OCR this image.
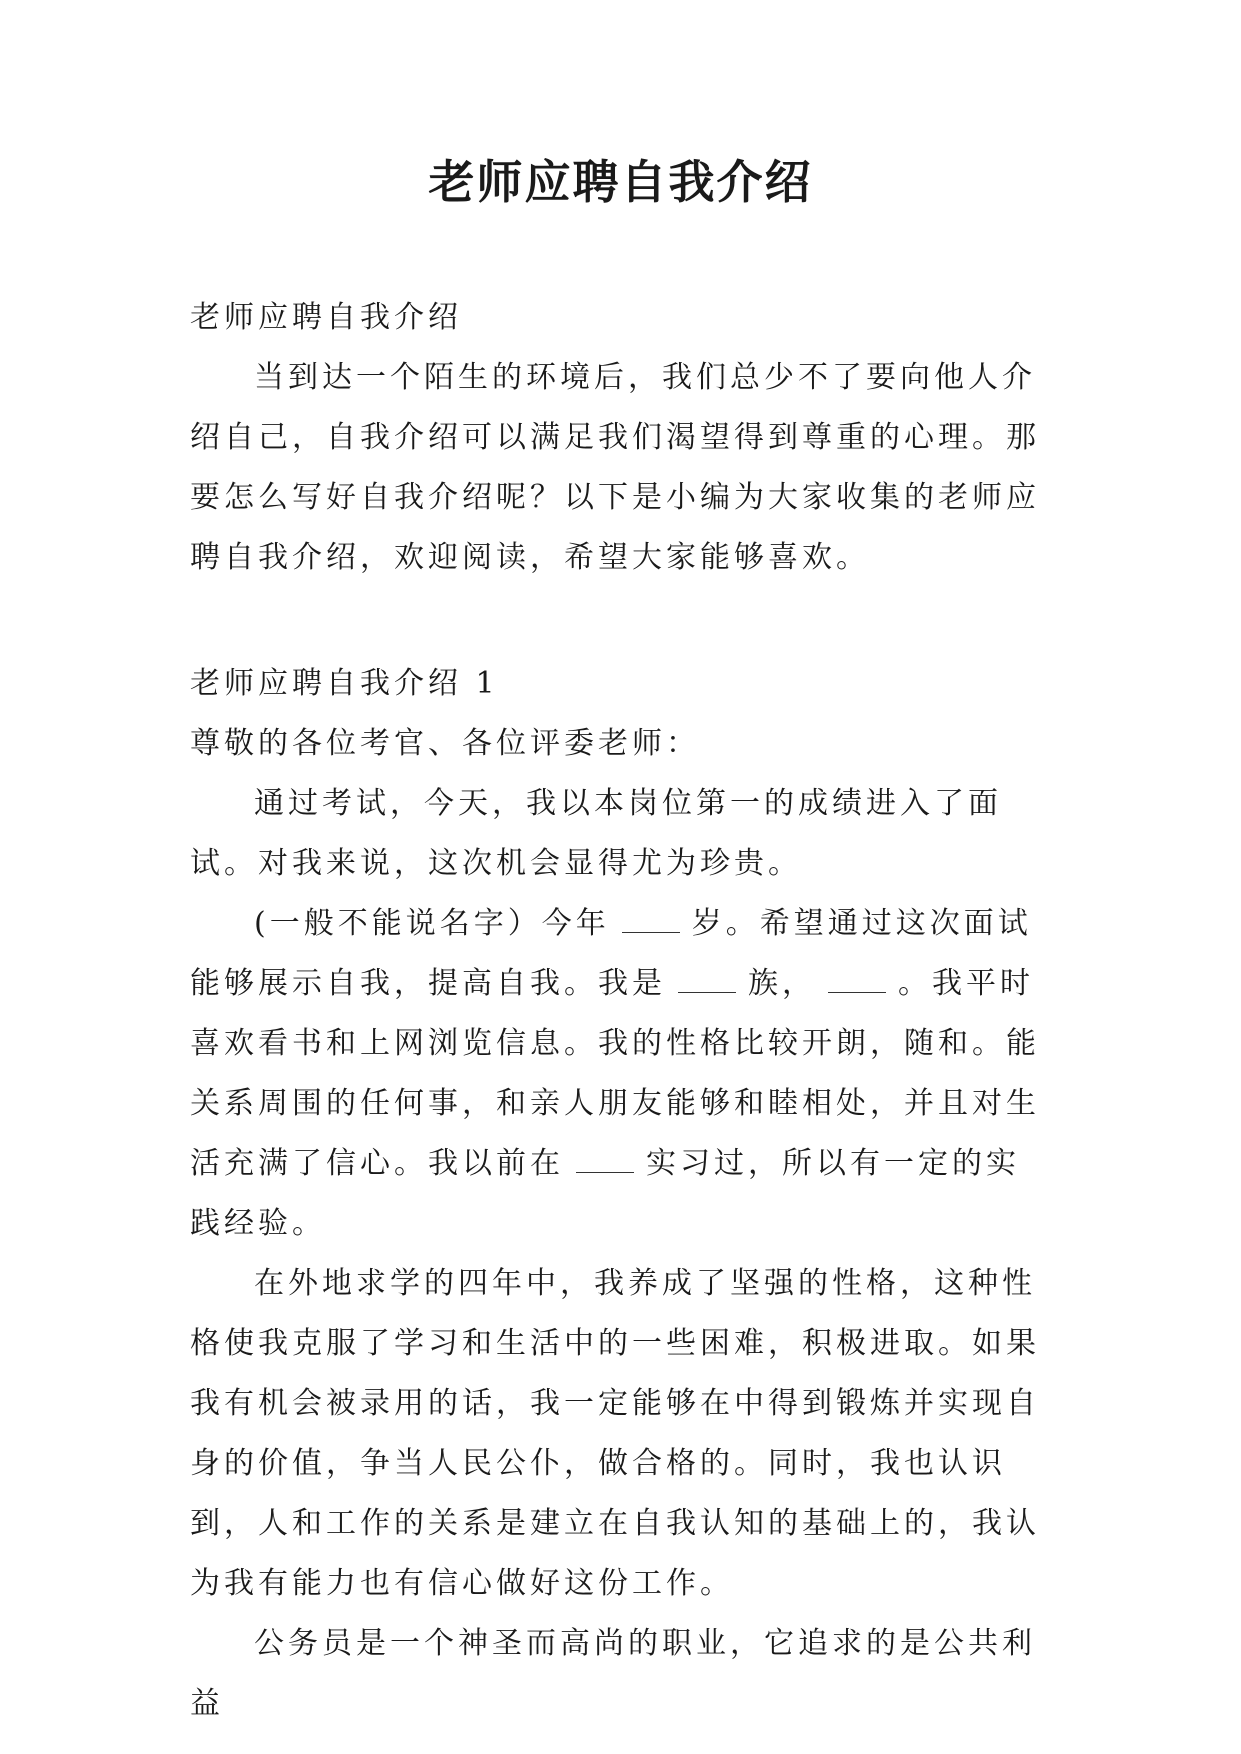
老师应聘自我介绍

老师应聘自我介绍

当到达一个陌生的环境后，我们总少不了要向他人介绍自己，自我介绍可以满足我们渴望得到尊重的心理。那要怎么写好自我介绍呢？以下是小编为大家收集的老师应聘自我介绍，欢迎阅读，希望大家能够喜欢。

老师应聘自我介绍 1

尊敬的各位考官、各位评委老师：

通过考试，今天，我以本岗位第一的成绩进入了面试。对我来说，这次机会显得尤为珍贵。

(一般不能说名字）今年	岁。希望通过这次面试能够展示自我，提高自我。我是	族，	。我平时喜欢看书和上网浏览信息。我的性格比较开朗，随和。能关系周围的任何事，和亲人朋友能够和睦相处，并且对生活充满了信心。我以前在	实习过，所以有一定的实践经验。

在外地求学的四年中，我养成了坚强的性格，这种性格使我克服了学习和生活中的一些困难，积极进取。如果我有机会被录用的话，我一定能够在中得到锻炼并实现自身的价值，争当人民公仆，做合格的。同时，我也认识到，人和工作的关系是建立在自我认知的基础上的，我认为我有能力也有信心做好这份工作。

公务员是一个神圣而高尚的职业，它追求的是公共利益
